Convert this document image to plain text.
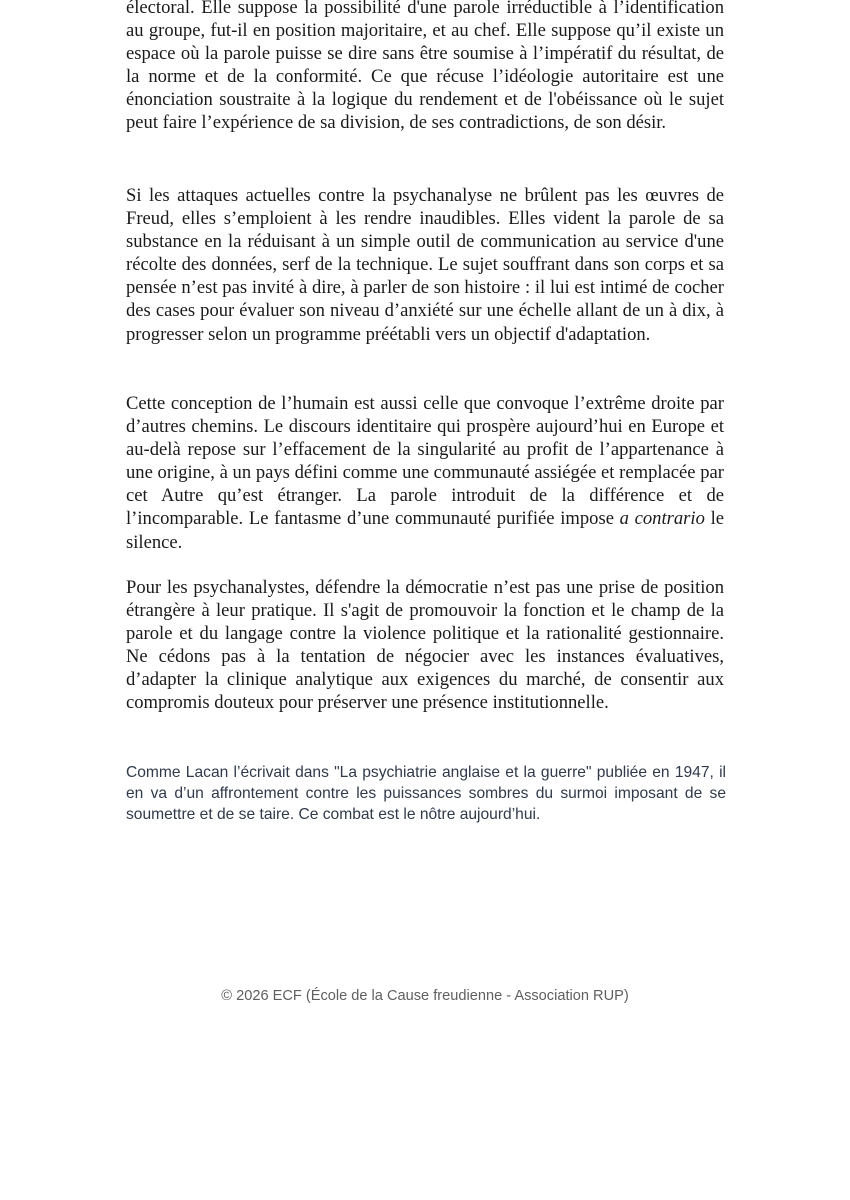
électoral. Elle suppose la possibilité d'une parole irréductible à l’identification au groupe, fut-il en position majoritaire, et au chef. Elle suppose qu’il existe un espace où la parole puisse se dire sans être soumise à l’impératif du résultat, de la norme et de la conformité. Ce que récuse l’idéologie autoritaire est une énonciation soustraite à la logique du rendement et de l'obéissance où le sujet peut faire l’expérience de sa division, de ses contradictions, de son désir.

Si les attaques actuelles contre la psychanalyse ne brûlent pas les œuvres de Freud, elles s’emploient à les rendre inaudibles. Elles vident la parole de sa substance en la réduisant à un simple outil de communication au service d'une récolte des données, serf de la technique. Le sujet souffrant dans son corps et sa pensée n’est pas invité à dire, à parler de son histoire : il lui est intimé de cocher des cases pour évaluer son niveau d’anxiété sur une échelle allant de un à dix, à progresser selon un programme préétabli vers un objectif d'adaptation.

Cette conception de l’humain est aussi celle que convoque l’extrême droite par d’autres chemins. Le discours identitaire qui prospère aujourd’hui en Europe et au-delà repose sur l’effacement de la singularité au profit de l’appartenance à une origine, à un pays défini comme une communauté assiégée et remplacée par cet Autre qu’est étranger. La parole introduit de la différence et de l’incomparable. Le fantasme d’une communauté purifiée impose a contrario le silence.

Pour les psychanalystes, défendre la démocratie n’est pas une prise de position étrangère à leur pratique. Il s'agit de promouvoir la fonction et le champ de la parole et du langage contre la violence politique et la rationalité gestionnaire. Ne cédons pas à la tentation de négocier avec les instances évaluatives, d’adapter la clinique analytique aux exigences du marché, de consentir aux compromis douteux pour préserver une présence institutionnelle.

Comme Lacan l’écrivait dans "La psychiatrie anglaise et la guerre" publiée en 1947, il en va d’un affrontement contre les puissances sombres du surmoi imposant de se soumettre et de se taire. Ce combat est le nôtre aujourd’hui.

© 2026 ECF (École de la Cause freudienne - Association RUP)
